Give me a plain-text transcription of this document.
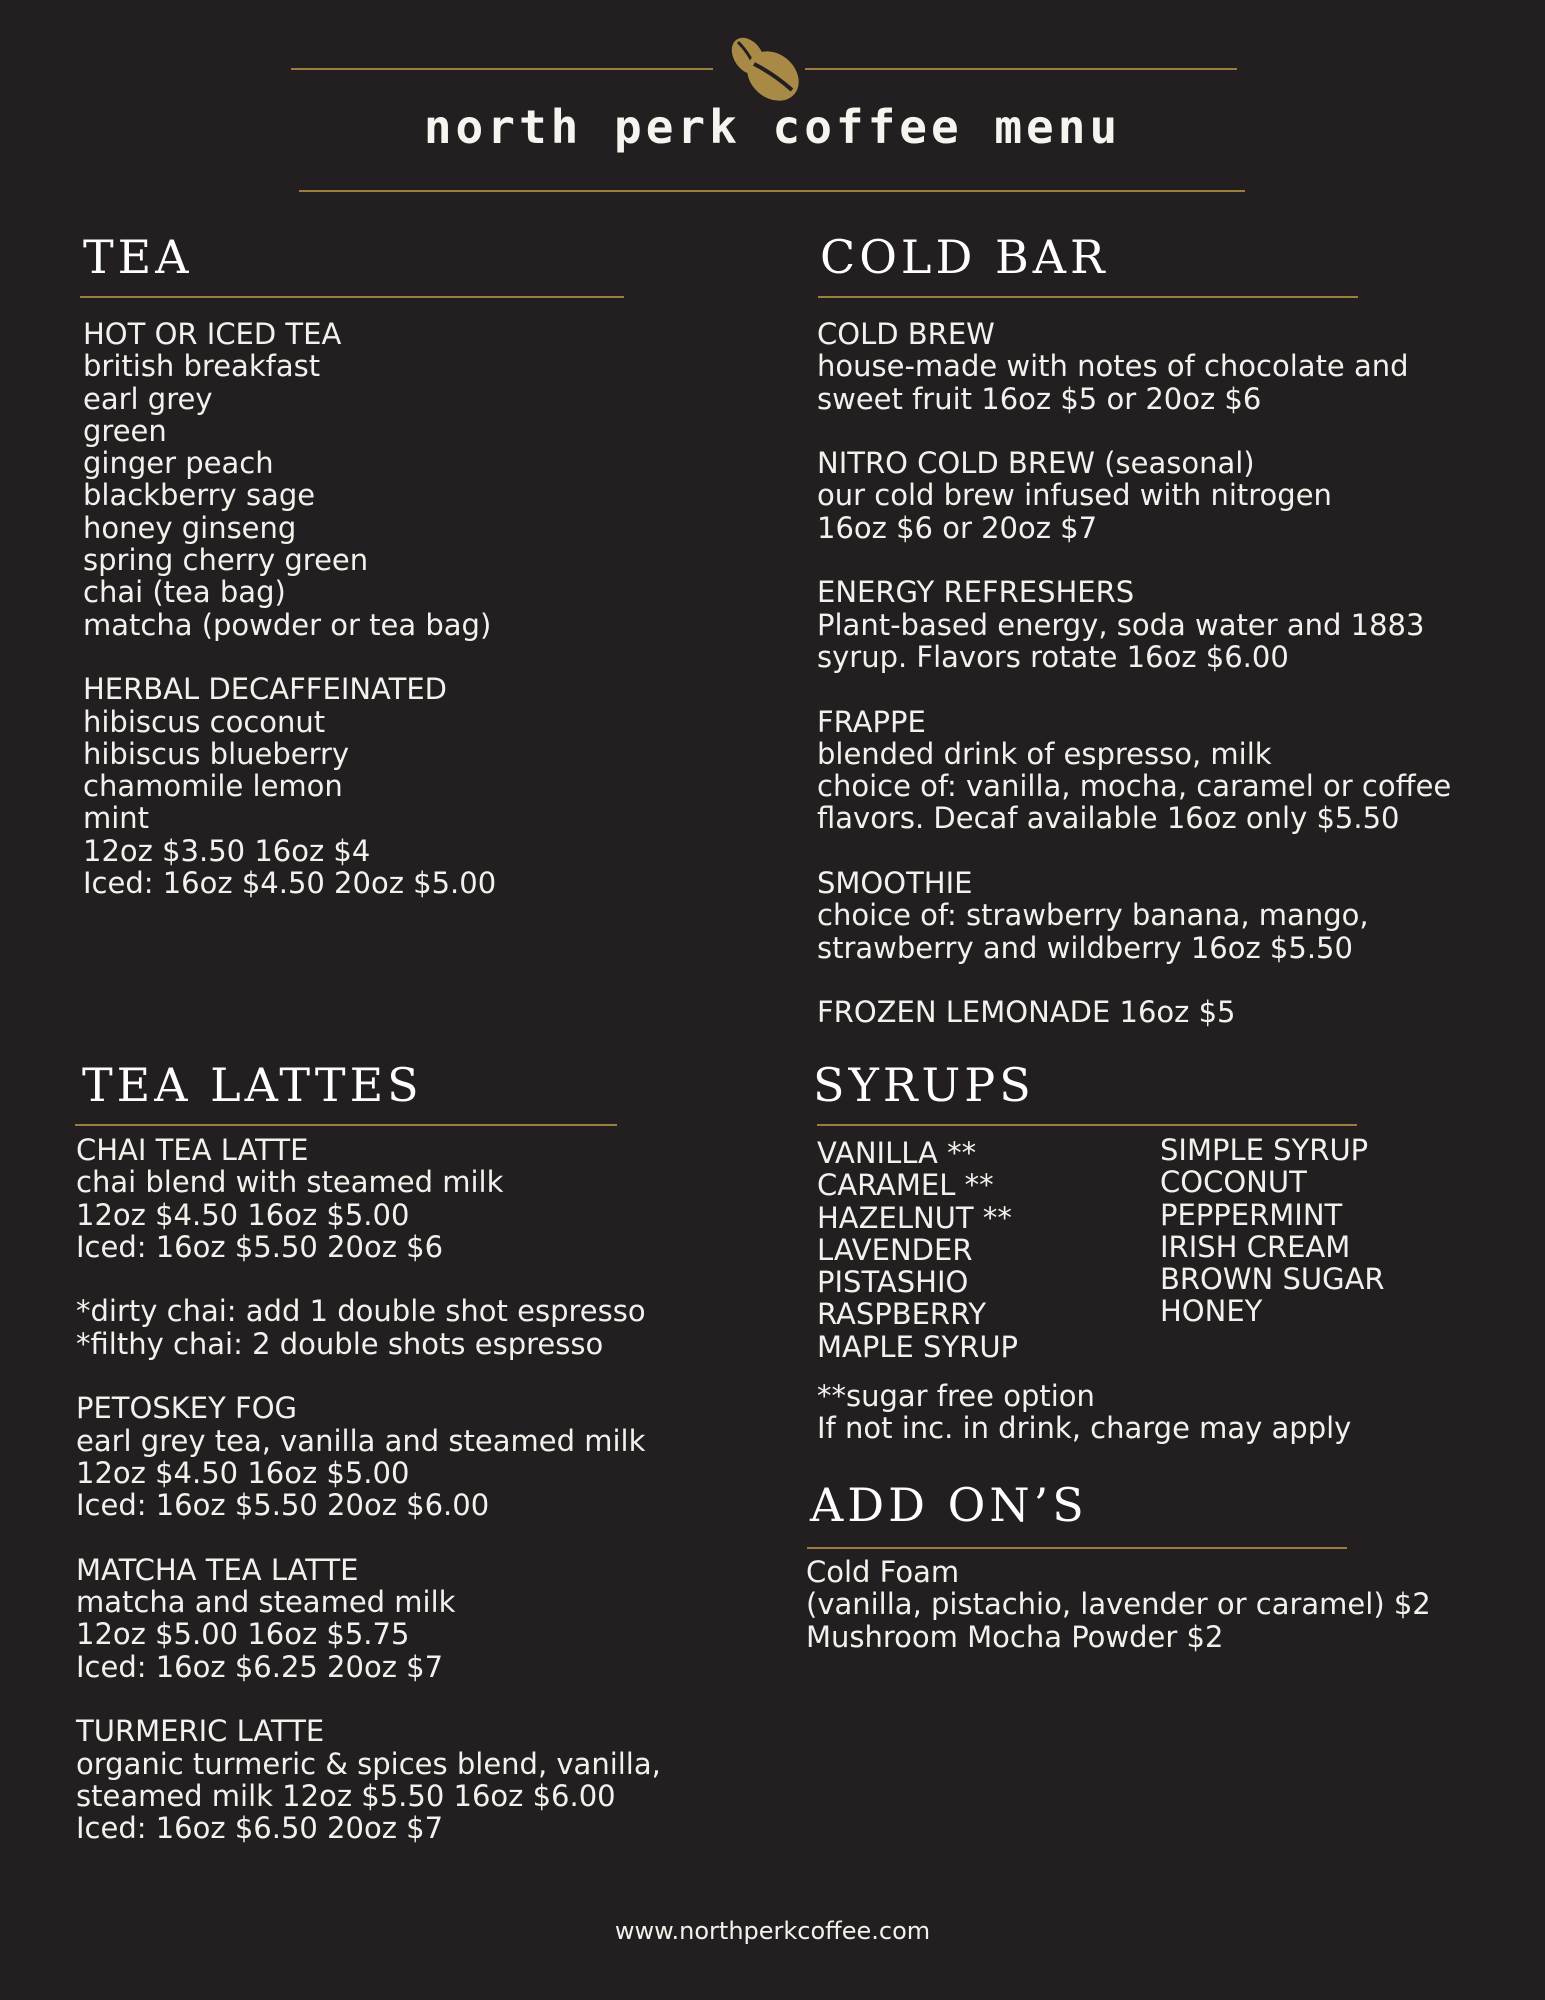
north perk coffee menu
TEA
HOT OR ICED TEA
british breakfast
earl grey
green
ginger peach
blackberry sage
honey ginseng
spring cherry green
chai (tea bag)
matcha (powder or tea bag)
HERBAL DECAFFEINATED
hibiscus coconut
hibiscus blueberry
chamomile lemon
mint
12oz $3.50 16oz $4
Iced: 16oz $4.50 20oz $5.00
COLD BAR
COLD BREW
house-made with notes of chocolate and
sweet fruit 16oz $5 or 20oz $6
NITRO COLD BREW (seasonal)
our cold brew infused with nitrogen
16oz $6 or 20oz $7
ENERGY REFRESHERS
Plant-based energy, soda water and 1883
syrup. Flavors rotate 16oz $6.00
FRAPPE
blended drink of espresso, milk
choice of: vanilla, mocha, caramel or coffee
flavors. Decaf available 16oz only $5.50
SMOOTHIE
choice of: strawberry banana, mango,
strawberry and wildberry 16oz $5.50
FROZEN LEMONADE 16oz $5
TEA LATTES
CHAI TEA LATTE
chai blend with steamed milk
12oz $4.50 16oz $5.00
Iced: 16oz $5.50 20oz $6
*dirty chai: add 1 double shot espresso
*filthy chai: 2 double shots espresso
PETOSKEY FOG
earl grey tea, vanilla and steamed milk
12oz $4.50 16oz $5.00
Iced: 16oz $5.50 20oz $6.00
MATCHA TEA LATTE
matcha and steamed milk
12oz $5.00 16oz $5.75
Iced: 16oz $6.25 20oz $7
TURMERIC LATTE
organic turmeric & spices blend, vanilla,
steamed milk 12oz $5.50 16oz $6.00
Iced: 16oz $6.50 20oz $7
SYRUPS
VANILLA **
CARAMEL **
HAZELNUT **
LAVENDER
PISTASHIO
RASPBERRY
MAPLE SYRUP
SIMPLE SYRUP
COCONUT
PEPPERMINT
IRISH CREAM
BROWN SUGAR
HONEY
**sugar free option
If not inc. in drink, charge may apply
ADD ON’S
Cold Foam
(vanilla, pistachio, lavender or caramel) $2
Mushroom Mocha Powder $2
www.northperkcoffee.com
